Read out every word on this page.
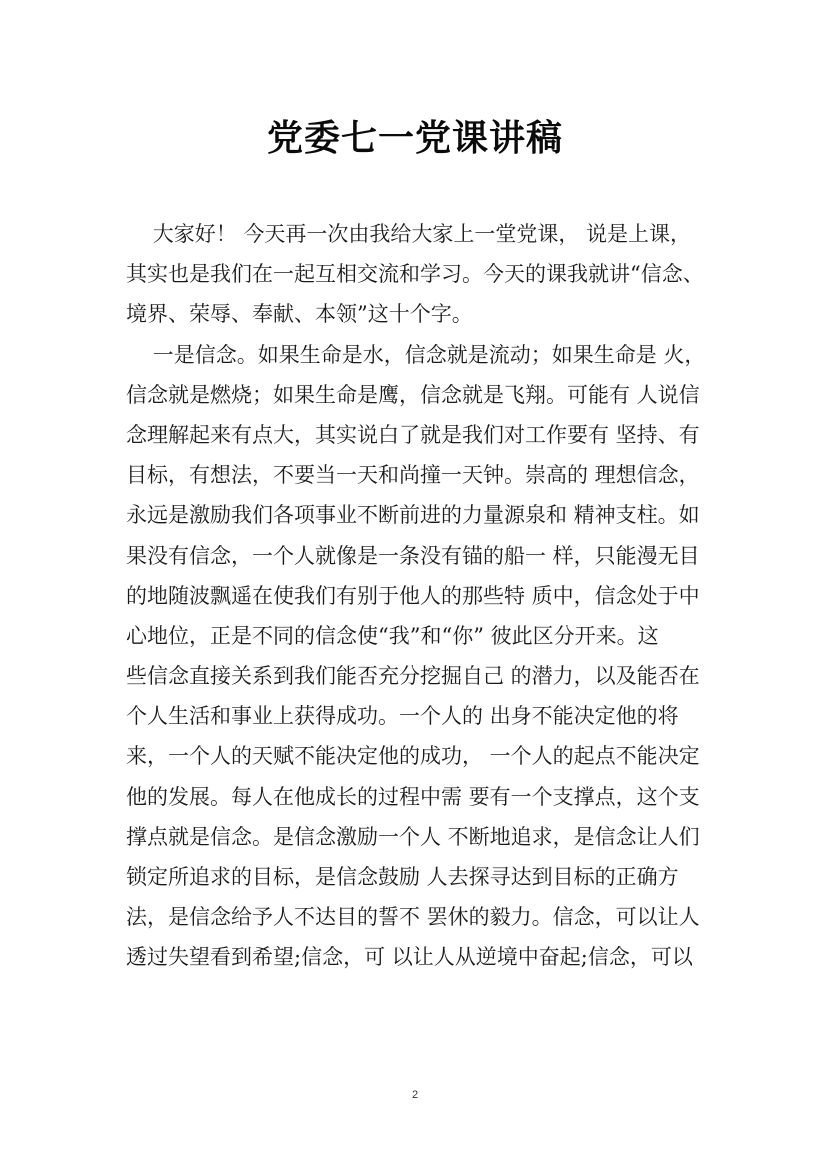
党委七一党课讲稿
大家好！ 今天再一次由我给大家上一堂党课， 说是上课，
其实也是我们在一起互相交流和学习。今天的课我就讲“信念、
境界、荣辱、奉献、本领”这十个字。
一是信念。如果生命是水，信念就是流动；如果生命是 火，
信念就是燃烧；如果生命是鹰，信念就是飞翔。可能有 人说信
念理解起来有点大，其实说白了就是我们对工作要有 坚持、有
目标，有想法，不要当一天和尚撞一天钟。崇高的 理想信念，
永远是激励我们各项事业不断前进的力量源泉和 精神支柱。如
果没有信念，一个人就像是一条没有锚的船一 样，只能漫无目
的地随波飘遥在使我们有别于他人的那些特 质中，信念处于中
心地位，正是不同的信念使“我”和“你” 彼此区分开来。这
些信念直接关系到我们能否充分挖掘自己 的潜力，以及能否在
个人生活和事业上获得成功。一个人的 出身不能决定他的将
来，一个人的天赋不能决定他的成功， 一个人的起点不能决定
他的发展。每人在他成长的过程中需 要有一个支撑点，这个支
撑点就是信念。是信念激励一个人 不断地追求，是信念让人们
锁定所追求的目标，是信念鼓励 人去探寻达到目标的正确方
法，是信念给予人不达目的誓不 罢休的毅力。信念，可以让人
透过失望看到希望;信念，可 以让人从逆境中奋起;信念，可以
2
